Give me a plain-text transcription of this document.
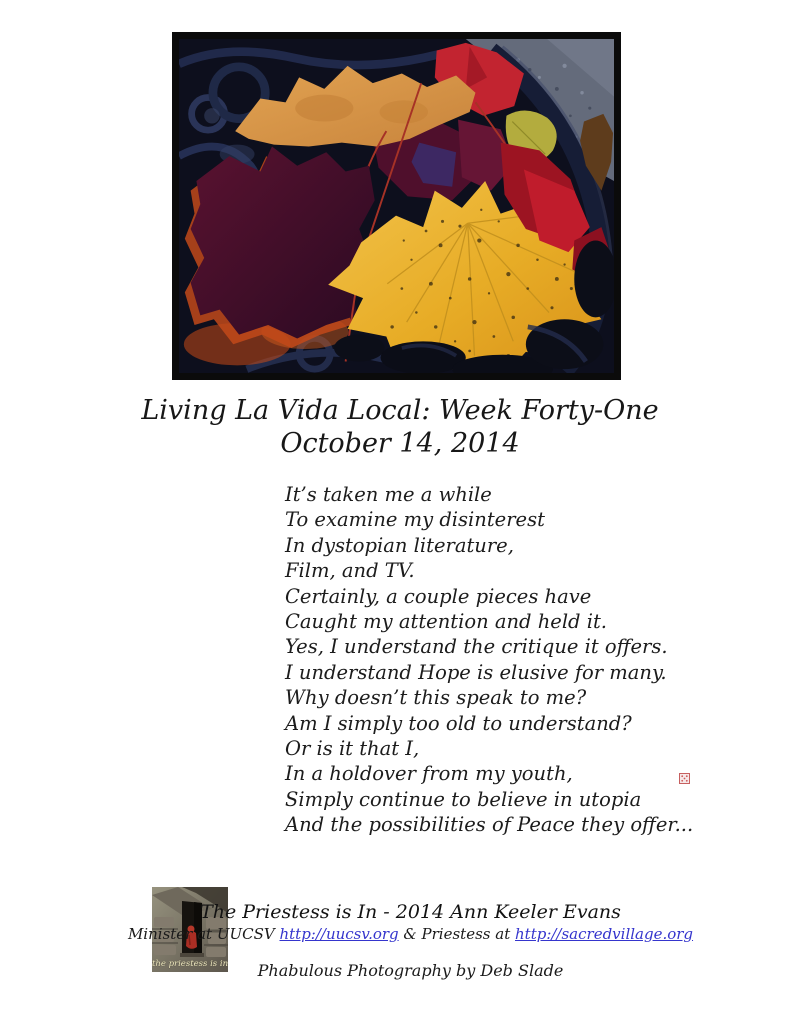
Living La Vida Local: Week Forty-One
October 14, 2014
It’s taken me a while
To examine my disinterest
In dystopian literature,
Film, and TV.
Certainly, a couple pieces have
Caught my attention and held it.
Yes, I understand the critique it offers.
I understand Hope is elusive for many.
Why doesn’t this speak to me?
Am I simply too old to understand?
Or is it that I,
In a holdover from my youth,
Simply continue to believe in utopia
And the possibilities of Peace they offer...
the priestess is in
The Priestess is In - 2014 Ann Keeler Evans
Minister at UUCSV http://uucsv.org & Priestess at http://sacredvillage.org
Phabulous Photography by Deb Slade
